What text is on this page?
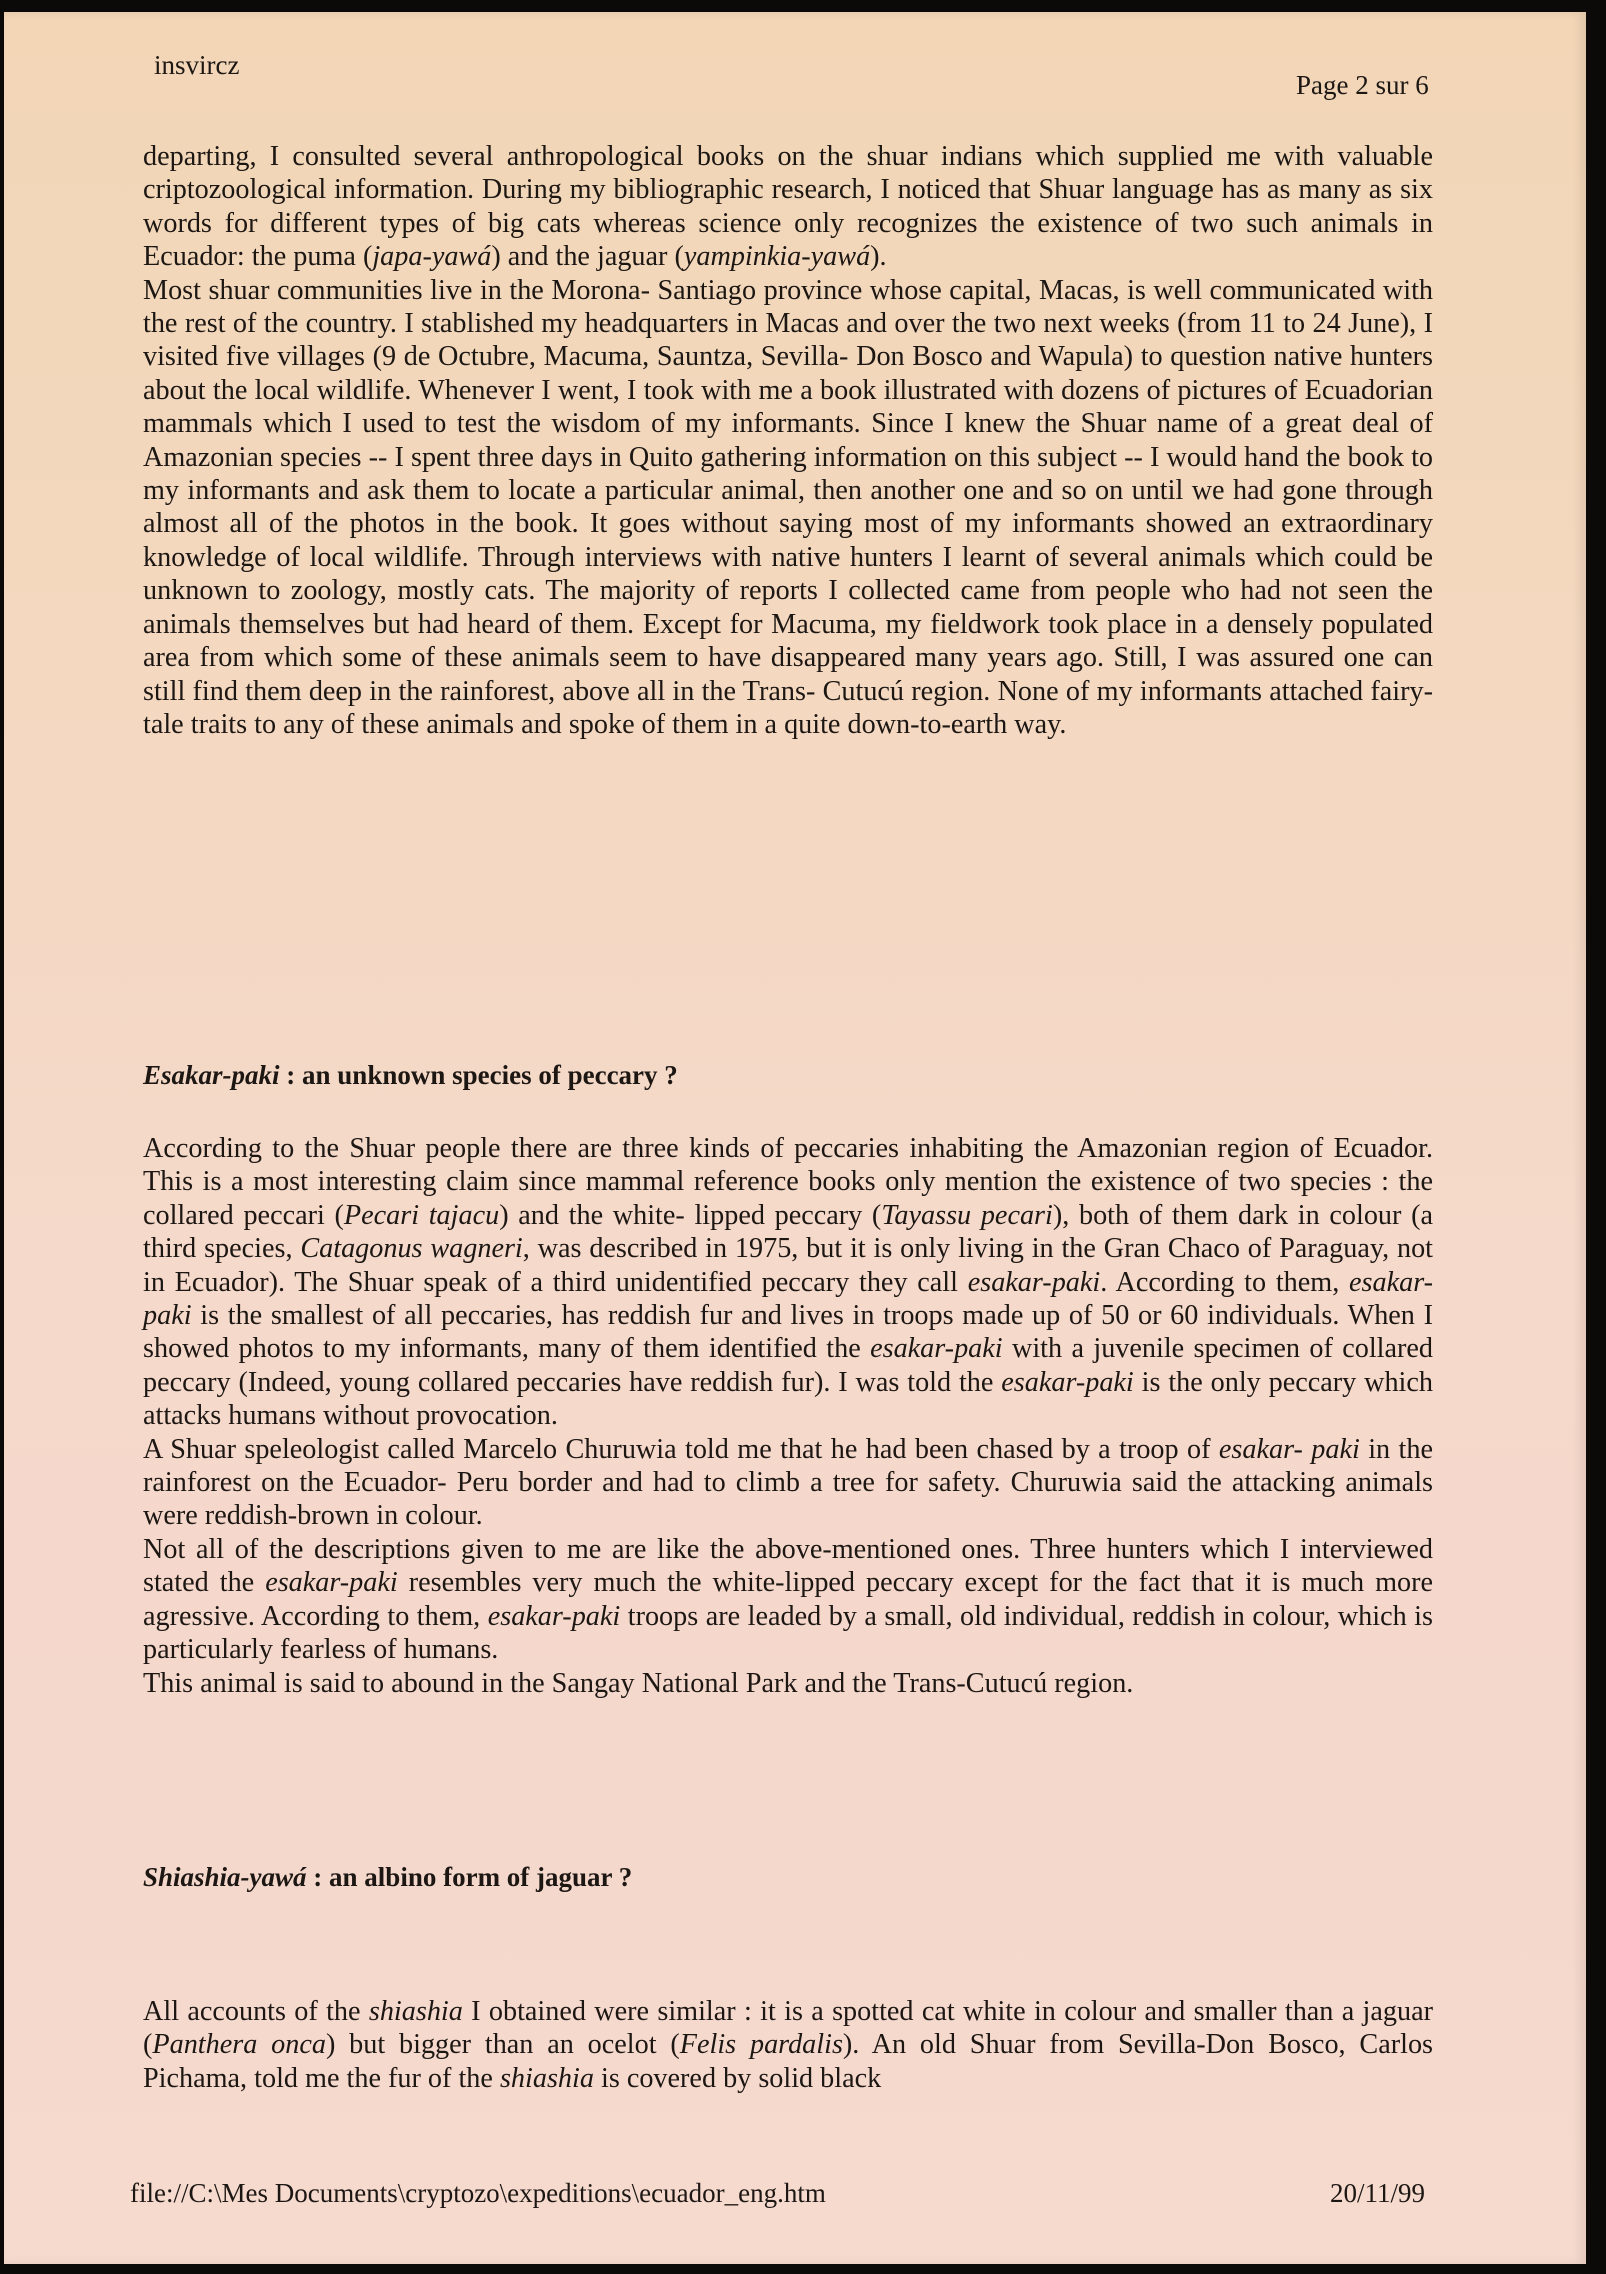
insvircz
Page 2 sur 6

departing, I consulted several anthropological books on the shuar indians which supplied me with valuable criptozoological information. During my bibliographic research, I noticed that Shuar language has as many as six words for different types of big cats whereas science only recognizes the existence of two such animals in Ecuador: the puma (japa-yawá) and the jaguar (yampinkia-yawá).

Most shuar communities live in the Morona- Santiago province whose capital, Macas, is well communicated with the rest of the country. I stablished my headquarters in Macas and over the two next weeks (from 11 to 24 June), I visited five villages (9 de Octubre, Macuma, Sauntza, Sevilla- Don Bosco and Wapula) to question native hunters about the local wildlife. Whenever I went, I took with me a book illustrated with dozens of pictures of Ecuadorian mammals which I used to test the wisdom of my informants. Since I knew the Shuar name of a great deal of Amazonian species -- I spent three days in Quito gathering information on this subject -- I would hand the book to my informants and ask them to locate a particular animal, then another one and so on until we had gone through almost all of the photos in the book. It goes without saying most of my informants showed an extraordinary knowledge of local wildlife. Through interviews with native hunters I learnt of several animals which could be unknown to zoology, mostly cats. The majority of reports I collected came from people who had not seen the animals themselves but had heard of them. Except for Macuma, my fieldwork took place in a densely populated area from which some of these animals seem to have disappeared many years ago. Still, I was assured one can still find them deep in the rainforest, above all in the Trans- Cutucú region. None of my informants attached fairy-tale traits to any of these animals and spoke of them in a quite down-to-earth way.

Esakar-paki : an unknown species of peccary ?

According to the Shuar people there are three kinds of peccaries inhabiting the Amazonian region of Ecuador. This is a most interesting claim since mammal reference books only mention the existence of two species : the collared peccari (Pecari tajacu) and the white- lipped peccary (Tayassu pecari), both of them dark in colour (a third species, Catagonus wagneri, was described in 1975, but it is only living in the Gran Chaco of Paraguay, not in Ecuador). The Shuar speak of a third unidentified peccary they call esakar-paki. According to them, esakar-paki is the smallest of all peccaries, has reddish fur and lives in troops made up of 50 or 60 individuals. When I showed photos to my informants, many of them identified the esakar-paki with a juvenile specimen of collared peccary (Indeed, young collared peccaries have reddish fur). I was told the esakar-paki is the only peccary which attacks humans without provocation.

A Shuar speleologist called Marcelo Churuwia told me that he had been chased by a troop of esakar- paki in the rainforest on the Ecuador- Peru border and had to climb a tree for safety. Churuwia said the attacking animals were reddish-brown in colour.

Not all of the descriptions given to me are like the above-mentioned ones. Three hunters which I interviewed stated the esakar-paki resembles very much the white-lipped peccary except for the fact that it is much more agressive. According to them, esakar-paki troops are leaded by a small, old individual, reddish in colour, which is particularly fearless of humans.

This animal is said to abound in the Sangay National Park and the Trans-Cutucú region.

Shiashia-yawá : an albino form of jaguar ?

All accounts of the shiashia I obtained were similar : it is a spotted cat white in colour and smaller than a jaguar (Panthera onca) but bigger than an ocelot (Felis pardalis). An old Shuar from Sevilla-Don Bosco, Carlos Pichama, told me the fur of the shiashia is covered by solid black

file://C:\Mes Documents\cryptozo\expeditions\ecuador_eng.htm	20/11/99
